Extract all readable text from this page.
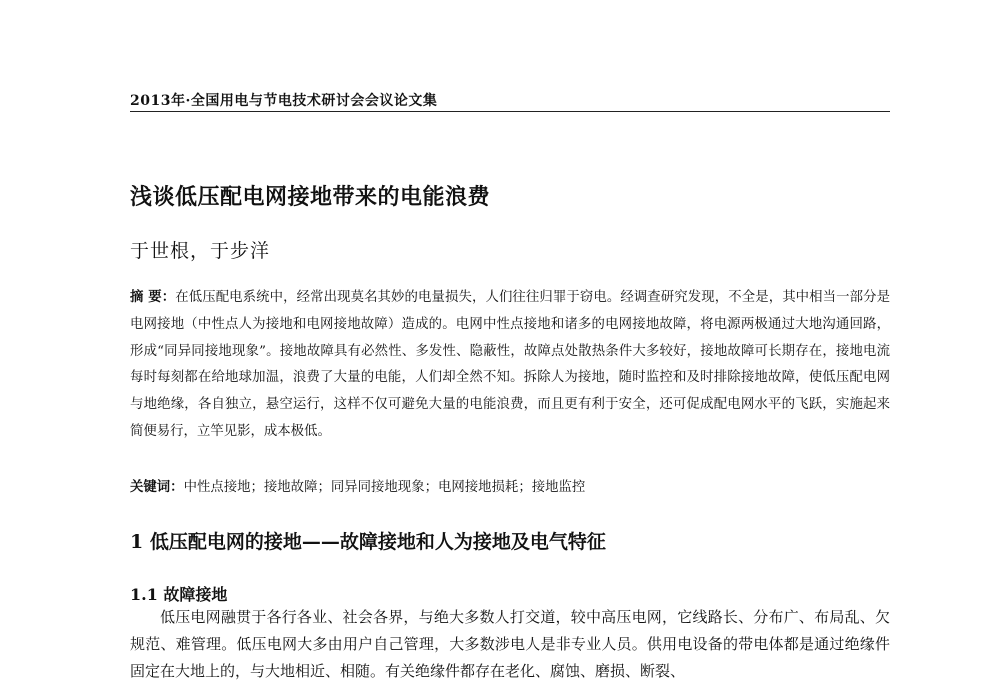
2013年·全国用电与节电技术研讨会会议论文集
浅谈低压配电网接地带来的电能浪费
于世根，于步洋
摘 要：在低压配电系统中，经常出现莫名其妙的电量损失，人们往往归罪于窃电。经调查研究发现，不全是，其中相当一部分是电网接地（中性点人为接地和电网接地故障）造成的。电网中性点接地和诸多的电网接地故障，将电源两极通过大地沟通回路，形成“同异同接地现象”。接地故障具有必然性、多发性、隐蔽性，故障点处散热条件大多较好，接地故障可长期存在，接地电流每时每刻都在给地球加温，浪费了大量的电能，人们却全然不知。拆除人为接地，随时监控和及时排除接地故障，使低压配电网与地绝缘，各自独立，悬空运行，这样不仅可避免大量的电能浪费，而且更有利于安全，还可促成配电网水平的飞跃，实施起来简便易行，立竿见影，成本极低。
关键词：中性点接地；接地故障；同异同接地现象；电网接地损耗；接地监控
1 低压配电网的接地——故障接地和人为接地及电气特征
1.1 故障接地
低压电网融贯于各行各业、社会各界，与绝大多数人打交道，较中高压电网，它线路长、分布广、布局乱、欠规范、难管理。低压电网大多由用户自己管理，大多数涉电人是非专业人员。供用电设备的带电体都是通过绝缘件固定在大地上的，与大地相近、相随。有关绝缘件都存在老化、腐蚀、磨损、断裂、
